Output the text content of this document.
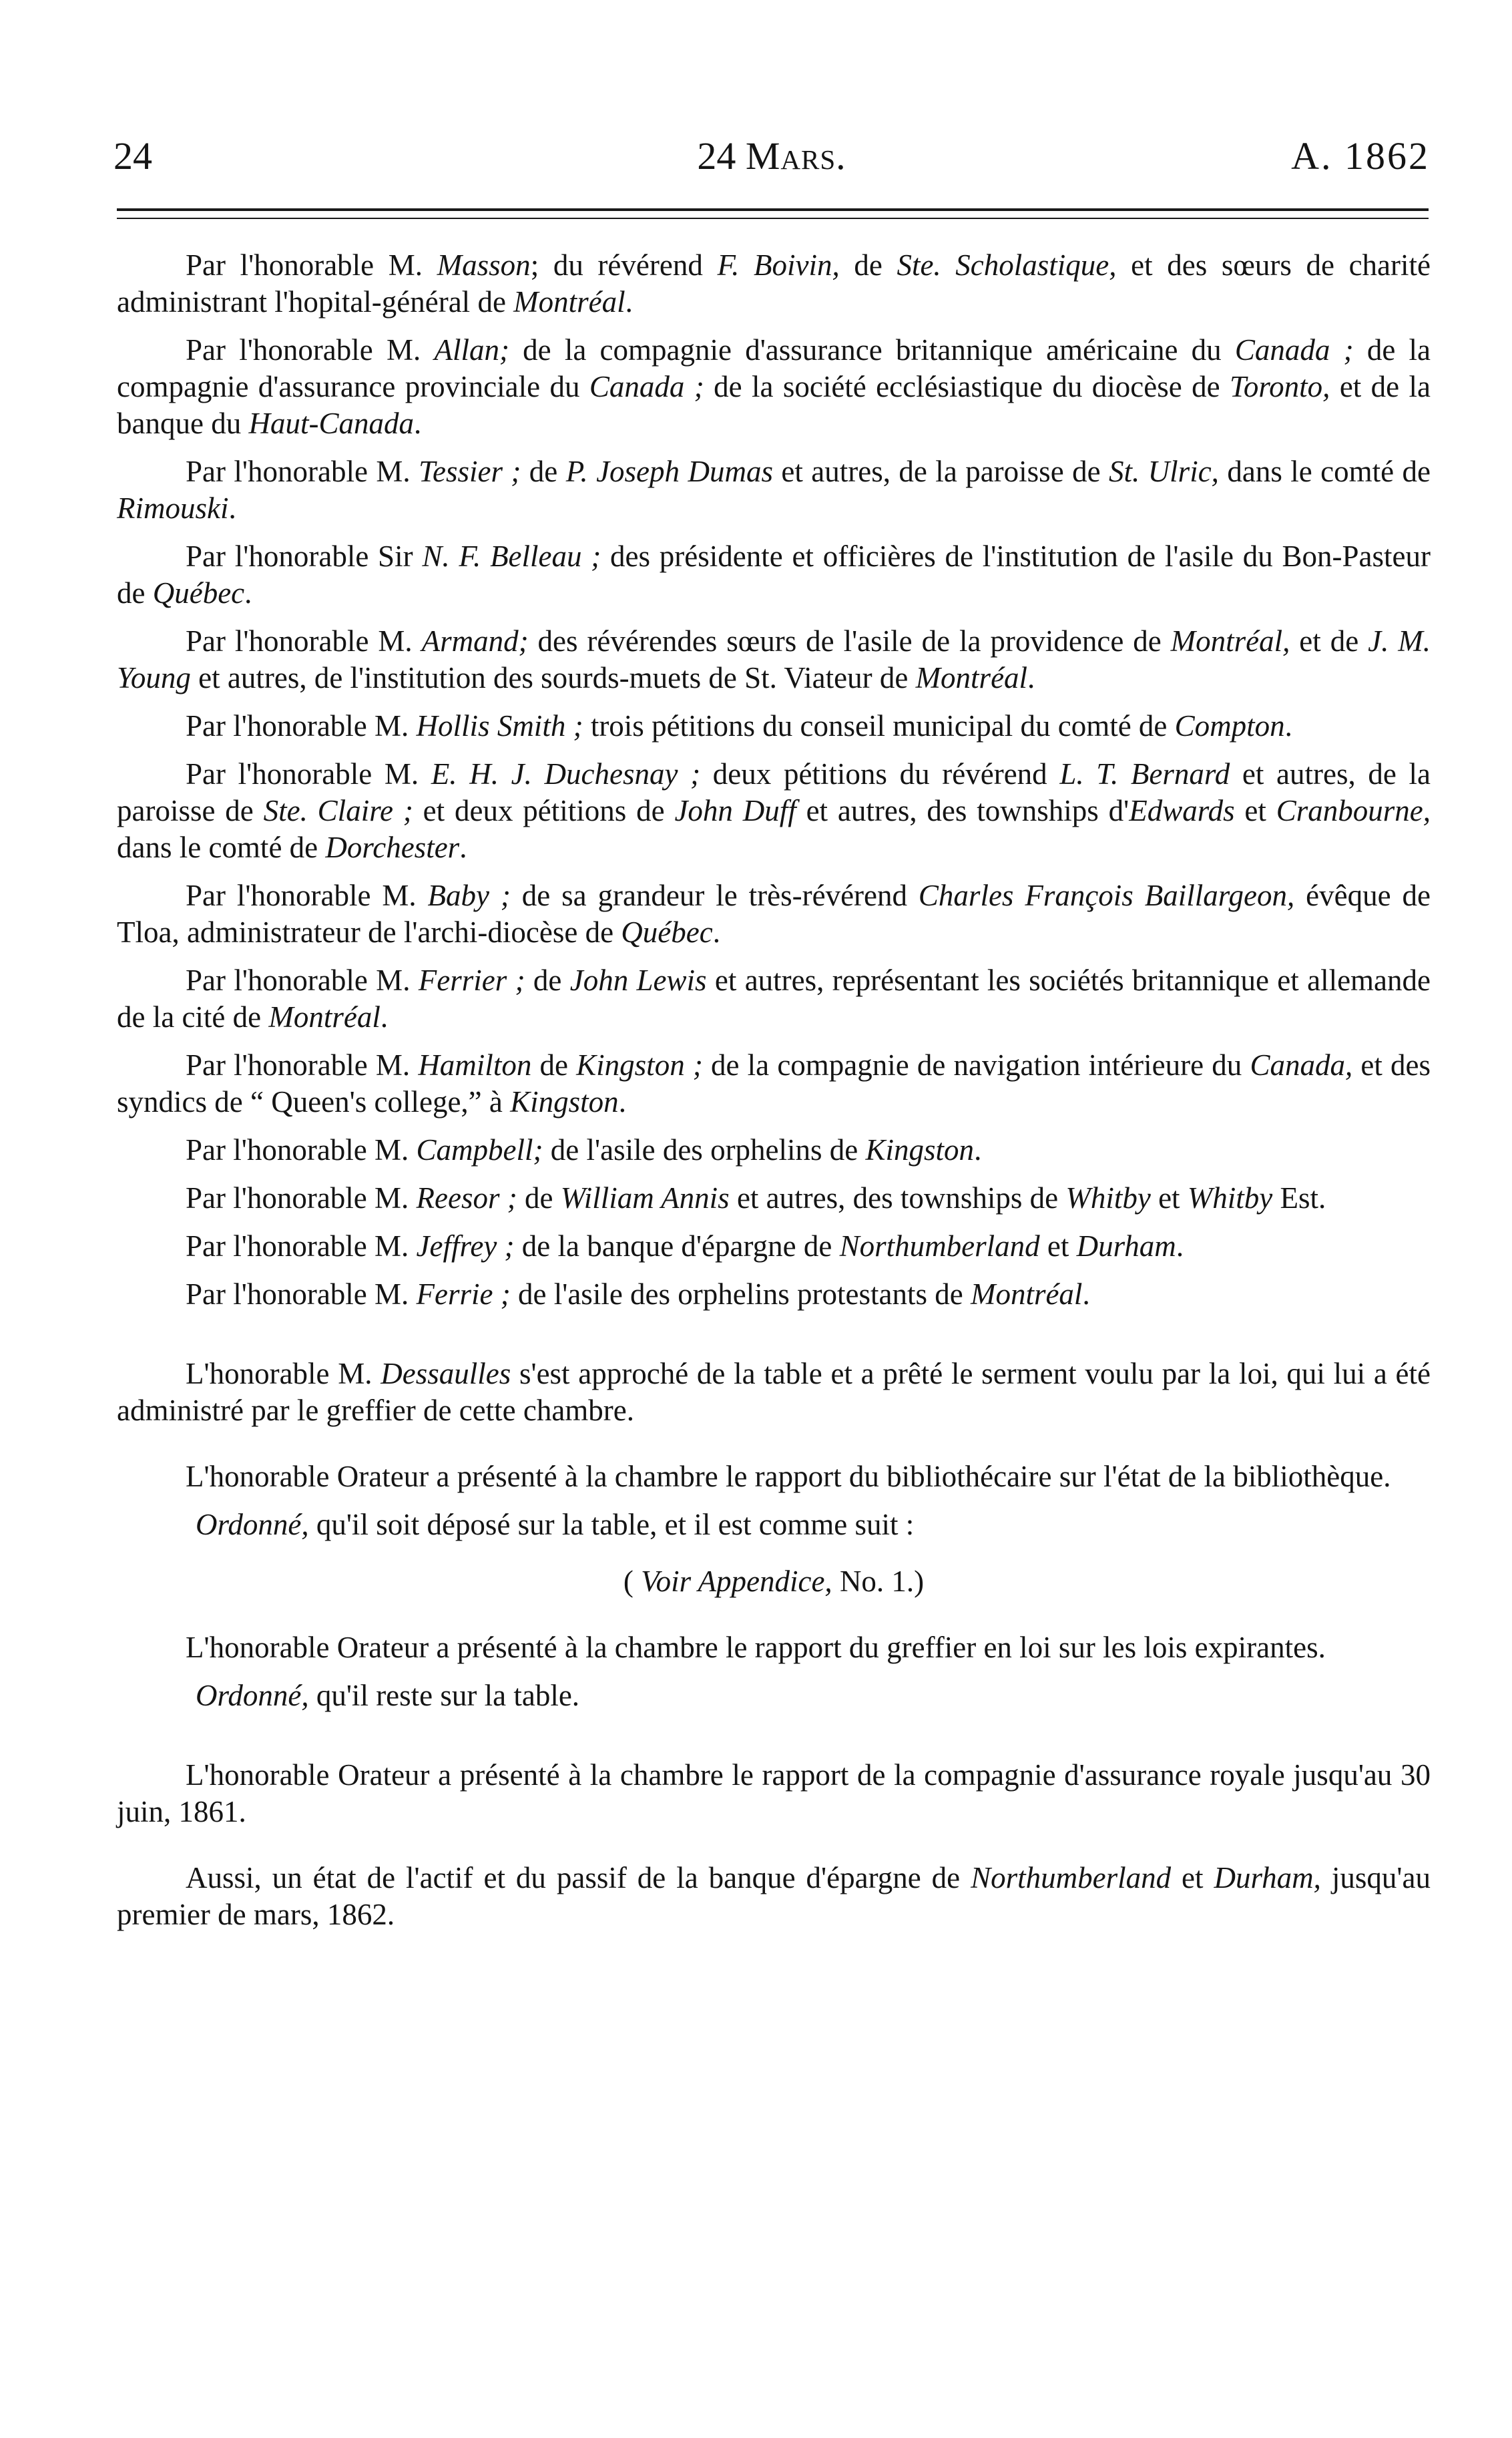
24	24 Mars.	A. 1862

Par l'honorable M. Masson; du révérend F. Boivin, de Ste. Scholastique, et des sœurs de charité administrant l'hopital-général de Montréal.

Par l'honorable M. Allan; de la compagnie d'assurance britannique américaine du Canada ; de la compagnie d'assurance provinciale du Canada ; de la société ecclésiastique du diocèse de Toronto, et de la banque du Haut-Canada.

Par l'honorable M. Tessier ; de P. Joseph Dumas et autres, de la paroisse de St. Ulric, dans le comté de Rimouski.

Par l'honorable Sir N. F. Belleau ; des présidente et officières de l'institution de l'asile du Bon-Pasteur de Québec.

Par l'honorable M. Armand; des révérendes sœurs de l'asile de la providence de Montréal, et de J. M. Young et autres, de l'institution des sourds-muets de St. Viateur de Montréal.

Par l'honorable M. Hollis Smith ; trois pétitions du conseil municipal du comté de Compton.

Par l'honorable M. E. H. J. Duchesnay ; deux pétitions du révérend L. T. Bernard et autres, de la paroisse de Ste. Claire ; et deux pétitions de John Duff et autres, des townships d'Edwards et Cranbourne, dans le comté de Dorchester.

Par l'honorable M. Baby ; de sa grandeur le très-révérend Charles François Baillargeon, évêque de Tloa, administrateur de l'archi-diocèse de Québec.

Par l'honorable M. Ferrier ; de John Lewis et autres, représentant les sociétés britannique et allemande de la cité de Montréal.

Par l'honorable M. Hamilton de Kingston ; de la compagnie de navigation intérieure du Canada, et des syndics de “ Queen's college,” à Kingston.

Par l'honorable M. Campbell; de l'asile des orphelins de Kingston.

Par l'honorable M. Reesor ; de William Annis et autres, des townships de Whitby et Whitby Est.

Par l'honorable M. Jeffrey ; de la banque d'épargne de Northumberland et Durham.

Par l'honorable M. Ferrie ; de l'asile des orphelins protestants de Montréal.

L'honorable M. Dessaulles s'est approché de la table et a prêté le serment voulu par la loi, qui lui a été administré par le greffier de cette chambre.

L'honorable Orateur a présenté à la chambre le rapport du bibliothécaire sur l'état de la bibliothèque.

Ordonné, qu'il soit déposé sur la table, et il est comme suit :

( Voir Appendice, No. 1.)

L'honorable Orateur a présenté à la chambre le rapport du greffier en loi sur les lois expirantes.

Ordonné, qu'il reste sur la table.

L'honorable Orateur a présenté à la chambre le rapport de la compagnie d'assurance royale jusqu'au 30 juin, 1861.

Aussi, un état de l'actif et du passif de la banque d'épargne de Northumberland et Durham, jusqu'au premier de mars, 1862.
